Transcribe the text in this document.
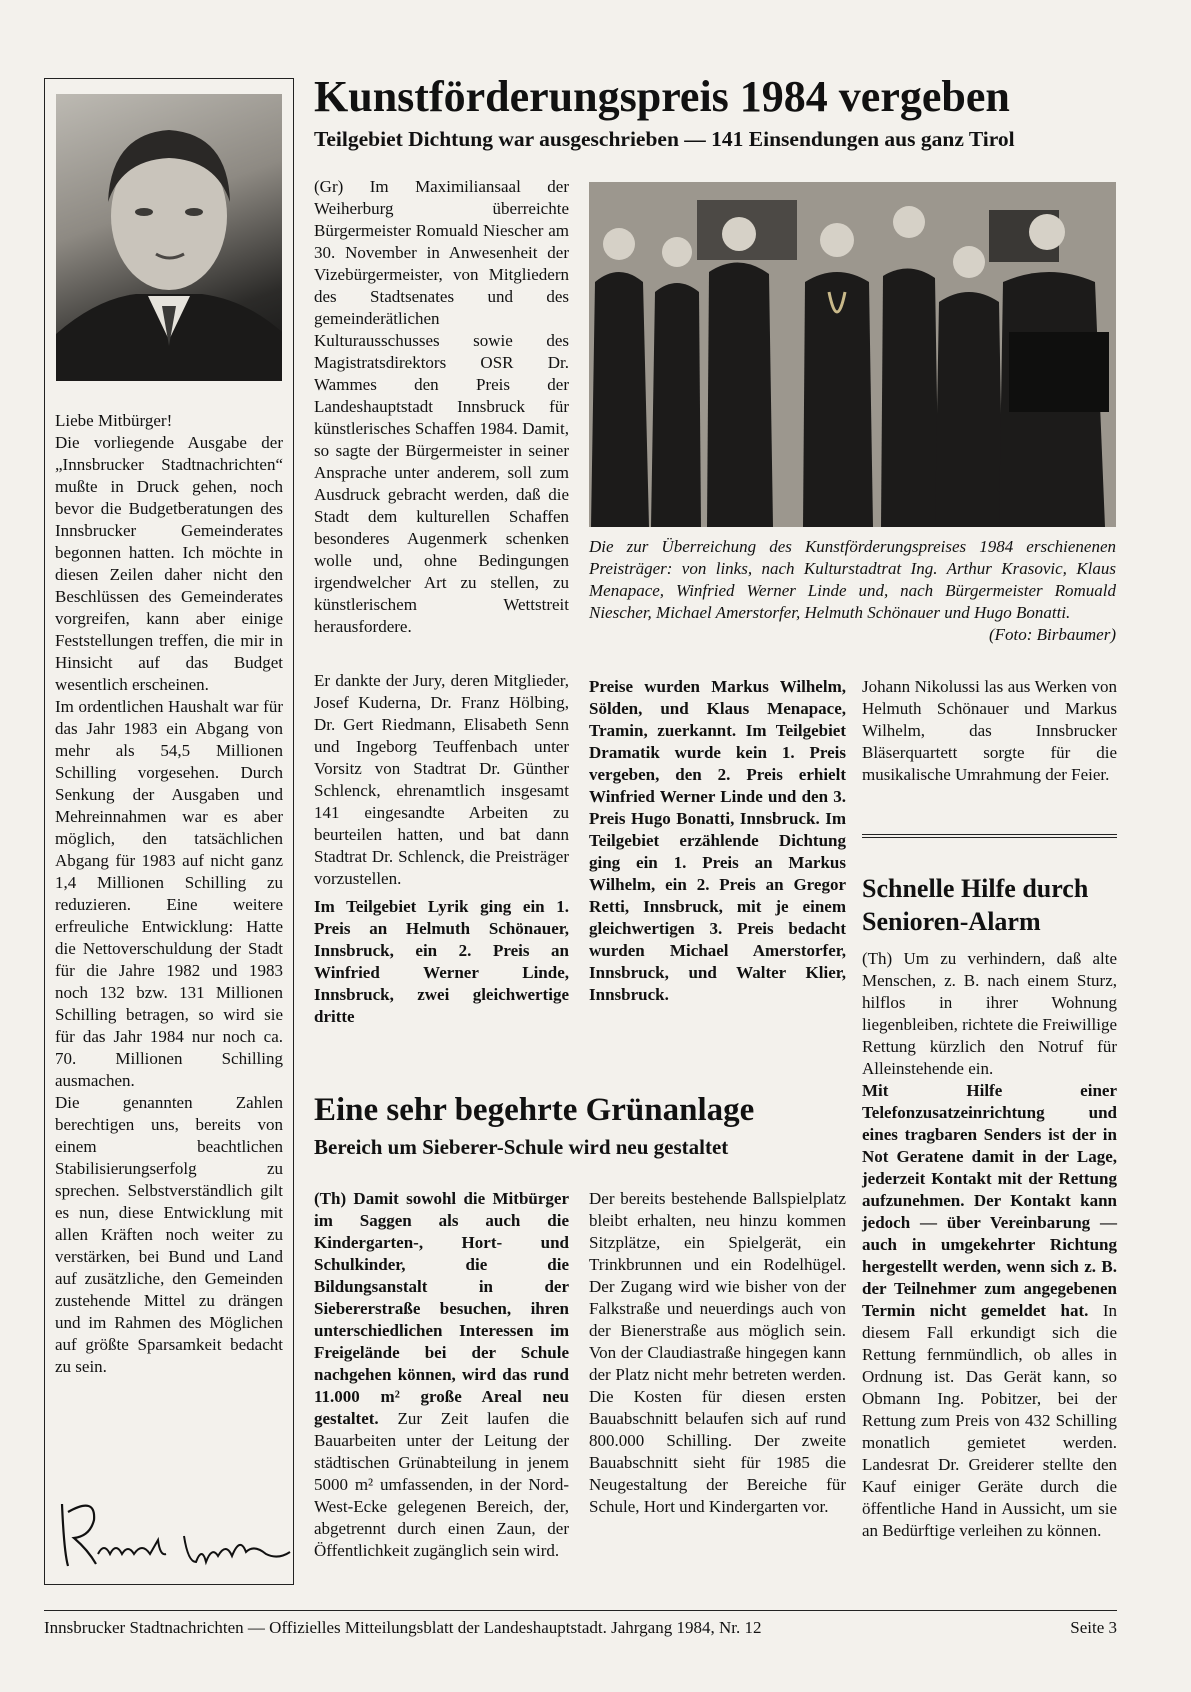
Liebe Mitbürger!

Die vorliegende Ausgabe der „Innsbrucker Stadtnachrichten“ mußte in Druck gehen, noch bevor die Budgetberatungen des Innsbrucker Gemeinderates begonnen hatten. Ich möchte in diesen Zeilen daher nicht den Beschlüssen des Gemeinderates vorgreifen, kann aber einige Feststellungen treffen, die mir in Hinsicht auf das Budget wesentlich erscheinen.

Im ordentlichen Haushalt war für das Jahr 1983 ein Abgang von mehr als 54,5 Millionen Schilling vorgesehen. Durch Senkung der Ausgaben und Mehreinnahmen war es aber möglich, den tatsächlichen Abgang für 1983 auf nicht ganz 1,4 Millionen Schilling zu reduzieren. Eine weitere erfreuliche Entwicklung: Hatte die Nettoverschuldung der Stadt für die Jahre 1982 und 1983 noch 132 bzw. 131 Millionen Schilling betragen, so wird sie für das Jahr 1984 nur noch ca. 70. Millionen Schilling ausmachen.

Die genannten Zahlen berechtigen uns, bereits von einem beachtlichen Stabilisierungserfolg zu sprechen. Selbstverständlich gilt es nun, diese Entwicklung mit allen Kräften noch weiter zu verstärken, bei Bund und Land auf zusätzliche, den Gemeinden zustehende Mittel zu drängen und im Rahmen des Möglichen auf größte Sparsamkeit bedacht zu sein.

Kunstförderungspreis 1984 vergeben
Teilgebiet Dichtung war ausgeschrieben — 141 Einsendungen aus ganz Tirol

(Gr) Im Maximiliansaal der Weiherburg überreichte Bürgermeister Romuald Niescher am 30. November in Anwesenheit der Vizebürgermeister, von Mitgliedern des Stadtsenates und des gemeinderätlichen Kulturausschusses sowie des Magistratsdirektors OSR Dr. Wammes den Preis der Landeshauptstadt Innsbruck für künstlerisches Schaffen 1984. Damit, so sagte der Bürgermeister in seiner Ansprache unter anderem, soll zum Ausdruck gebracht werden, daß die Stadt dem kulturellen Schaffen besonderes Augenmerk schenken wolle und, ohne Bedingungen irgendwelcher Art zu stellen, zu künstlerischem Wettstreit herausfordere.

Die zur Überreichung des Kunstförderungspreises 1984 erschienenen Preisträger: von links, nach Kulturstadtrat Ing. Arthur Krasovic, Klaus Menapace, Winfried Werner Linde und, nach Bürgermeister Romuald Niescher, Michael Amerstorfer, Helmuth Schönauer und Hugo Bonatti.
(Foto: Birbaumer)

Er dankte der Jury, deren Mitglieder, Josef Kuderna, Dr. Franz Hölbing, Dr. Gert Riedmann, Elisabeth Senn und Ingeborg Teuffenbach unter Vorsitz von Stadtrat Dr. Günther Schlenck, ehrenamtlich insgesamt 141 eingesandte Arbeiten zu beurteilen hatten, und bat dann Stadtrat Dr. Schlenck, die Preisträger vorzustellen.

Im Teilgebiet Lyrik ging ein 1. Preis an Helmuth Schönauer, Innsbruck, ein 2. Preis an Winfried Werner Linde, Innsbruck, zwei gleichwertige dritte

Preise wurden Markus Wilhelm, Sölden, und Klaus Menapace, Tramin, zuerkannt. Im Teilgebiet Dramatik wurde kein 1. Preis vergeben, den 2. Preis erhielt Winfried Werner Linde und den 3. Preis Hugo Bonatti, Innsbruck. Im Teilgebiet erzählende Dichtung ging ein 1. Preis an Markus Wilhelm, ein 2. Preis an Gregor Retti, Innsbruck, mit je einem gleichwertigen 3. Preis bedacht wurden Michael Amerstorfer, Innsbruck, und Walter Klier, Innsbruck.

Johann Nikolussi las aus Werken von Helmuth Schönauer und Markus Wilhelm, das Innsbrucker Bläserquartett sorgte für die musikalische Umrahmung der Feier.

Schnelle Hilfe durch Senioren-Alarm

(Th) Um zu verhindern, daß alte Menschen, z. B. nach einem Sturz, hilflos in ihrer Wohnung liegenbleiben, richtete die Freiwillige Rettung kürzlich den Notruf für Alleinstehende ein.

Mit Hilfe einer Telefonzusatzeinrichtung und eines tragbaren Senders ist der in Not Geratene damit in der Lage, jederzeit Kontakt mit der Rettung aufzunehmen. Der Kontakt kann jedoch — über Vereinbarung — auch in umgekehrter Richtung hergestellt werden, wenn sich z. B. der Teilnehmer zum angegebenen Termin nicht gemeldet hat. In diesem Fall erkundigt sich die Rettung fernmündlich, ob alles in Ordnung ist. Das Gerät kann, so Obmann Ing. Pobitzer, bei der Rettung zum Preis von 432 Schilling monatlich gemietet werden. Landesrat Dr. Greiderer stellte den Kauf einiger Geräte durch die öffentliche Hand in Aussicht, um sie an Bedürftige verleihen zu können.

Eine sehr begehrte Grünanlage
Bereich um Sieberer-Schule wird neu gestaltet

(Th) Damit sowohl die Mitbürger im Saggen als auch die Kindergarten-, Hort- und Schulkinder, die die Bildungsanstalt in der Siebererstraße besuchen, ihren unterschiedlichen Interessen im Freigelände bei der Schule nachgehen können, wird das rund 11.000 m² große Areal neu gestaltet. Zur Zeit laufen die Bauarbeiten unter der Leitung der städtischen Grünabteilung in jenem 5000 m² umfassenden, in der Nord-West-Ecke gelegenen Bereich, der, abgetrennt durch einen Zaun, der Öffentlichkeit zugänglich sein wird.

Der bereits bestehende Ballspielplatz bleibt erhalten, neu hinzu kommen Sitzplätze, ein Spielgerät, ein Trinkbrunnen und ein Rodelhügel. Der Zugang wird wie bisher von der Falkstraße und neuerdings auch von der Bienerstraße aus möglich sein. Von der Claudiastraße hingegen kann der Platz nicht mehr betreten werden. Die Kosten für diesen ersten Bauabschnitt belaufen sich auf rund 800.000 Schilling. Der zweite Bauabschnitt sieht für 1985 die Neugestaltung der Bereiche für Schule, Hort und Kindergarten vor.

Innsbrucker Stadtnachrichten — Offizielles Mitteilungsblatt der Landeshauptstadt. Jahrgang 1984, Nr. 12	Seite 3
